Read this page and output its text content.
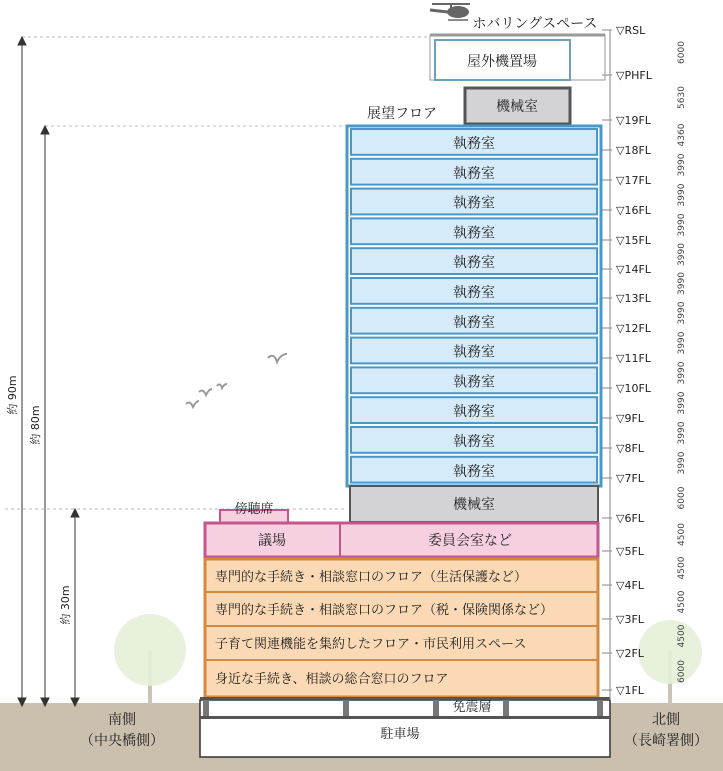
約 90m
約 80m
約 30m
ホバリングスペース
屋外機置場
機械室
展望フロア
執務室
執務室
執務室
執務室
執務室
執務室
執務室
執務室
執務室
執務室
執務室
執務室
機械室
傍聴席
議場	委員会室など
専門的な手続き・相談窓口のフロア（生活保護など）
専門的な手続き・相談窓口のフロア（税・保険関係など）
子育て関連機能を集約したフロア・市民利用スペース
身近な手続き、相談の総合窓口のフロア
免震層
駐車場
南側
（中央橋側）
北側
（長崎署側）
▽RSL
▽PHFL
6000
▽19FL
5630
▽18FL
4360
▽17FL
3990
▽16FL
3990
▽15FL
3990
▽14FL
3990
▽13FL
3990
▽12FL
3990
▽11FL
3990
▽10FL
3990
▽9FL
3990
▽8FL
3990
▽7FL
3990
▽6FL
6000
▽5FL
4500
▽4FL
4500
▽3FL
4500
▽2FL
4500
▽1FL
6000
